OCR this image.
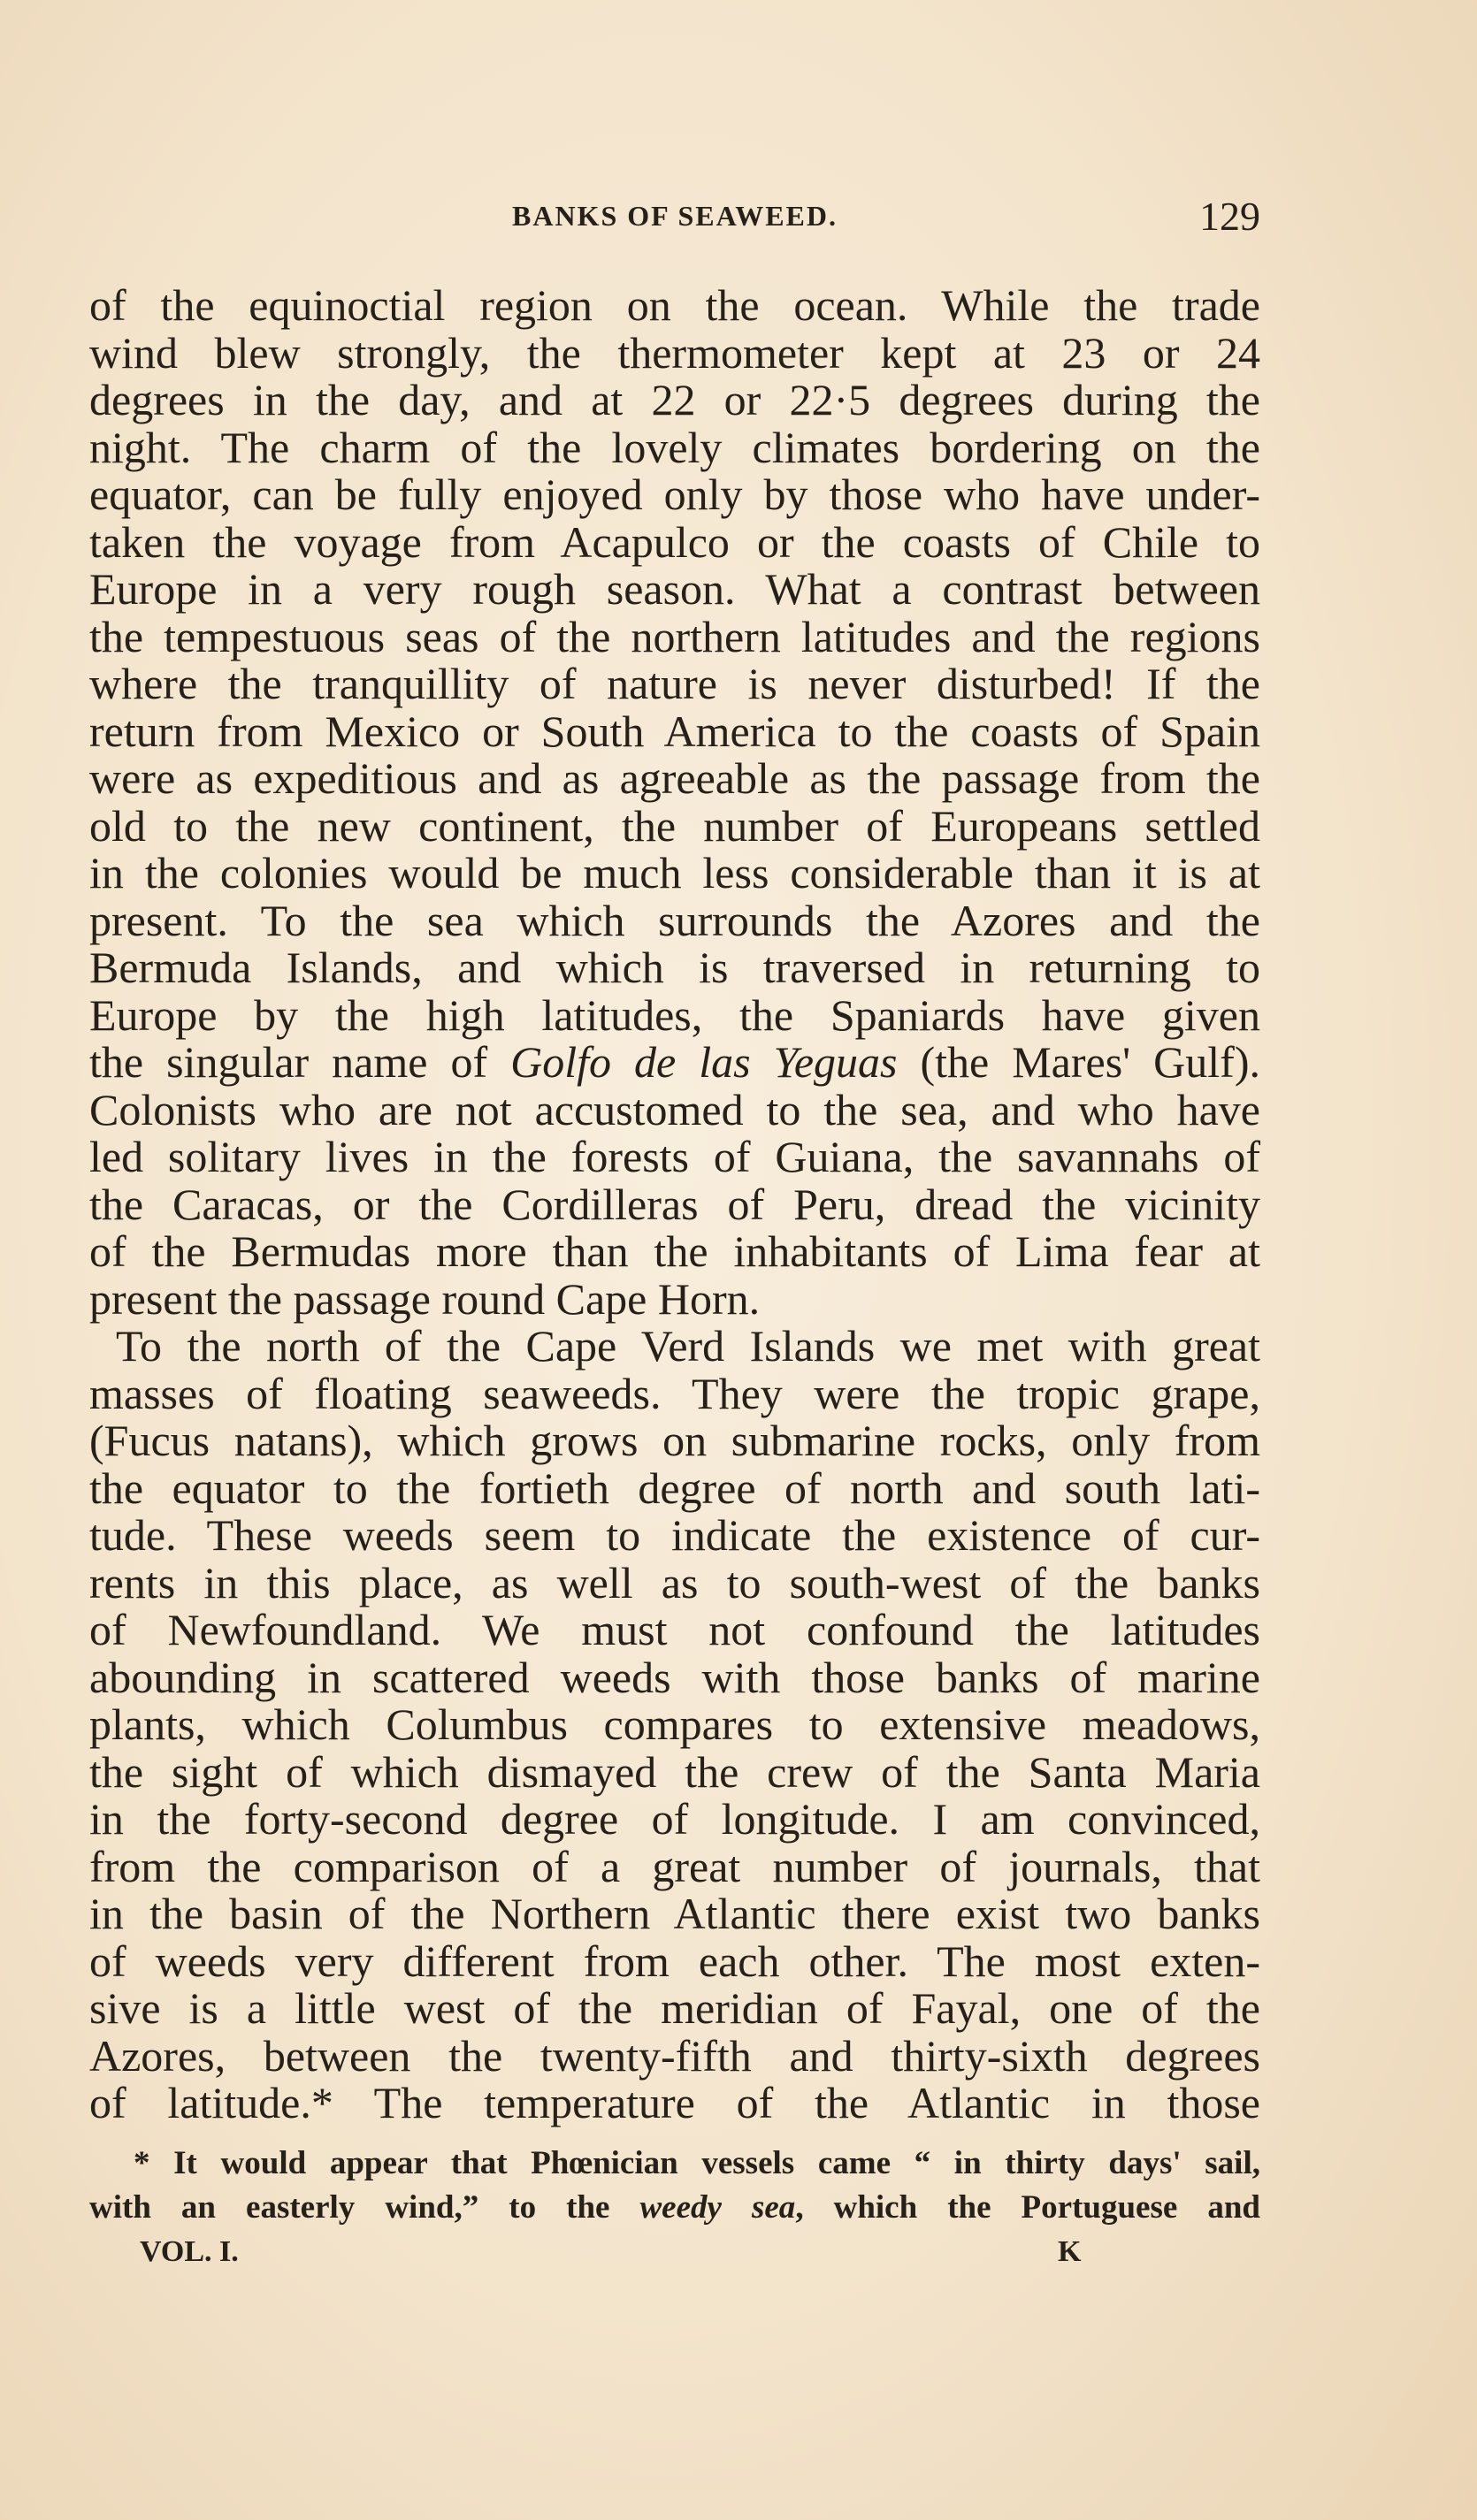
BANKS OF SEAWEED.	129
of the equinoctial region on the ocean. While the trade
wind blew strongly, the thermometer kept at 23 or 24
degrees in the day, and at 22 or 22·5 degrees during the
night. The charm of the lovely climates bordering on the
equator, can be fully enjoyed only by those who have under-
taken the voyage from Acapulco or the coasts of Chile to
Europe in a very rough season. What a contrast between
the tempestuous seas of the northern latitudes and the regions
where the tranquillity of nature is never disturbed! If the
return from Mexico or South America to the coasts of Spain
were as expeditious and as agreeable as the passage from the
old to the new continent, the number of Europeans settled
in the colonies would be much less considerable than it is at
present. To the sea which surrounds the Azores and the
Bermuda Islands, and which is traversed in returning to
Europe by the high latitudes, the Spaniards have given
the singular name of Golfo de las Yeguas (the Mares' Gulf).
Colonists who are not accustomed to the sea, and who have
led solitary lives in the forests of Guiana, the savannahs of
the Caracas, or the Cordilleras of Peru, dread the vicinity
of the Bermudas more than the inhabitants of Lima fear at
present the passage round Cape Horn.
To the north of the Cape Verd Islands we met with great
masses of floating seaweeds. They were the tropic grape,
(Fucus natans), which grows on submarine rocks, only from
the equator to the fortieth degree of north and south lati-
tude. These weeds seem to indicate the existence of cur-
rents in this place, as well as to south-west of the banks
of Newfoundland. We must not confound the latitudes
abounding in scattered weeds with those banks of marine
plants, which Columbus compares to extensive meadows,
the sight of which dismayed the crew of the Santa Maria
in the forty-second degree of longitude. I am convinced,
from the comparison of a great number of journals, that
in the basin of the Northern Atlantic there exist two banks
of weeds very different from each other. The most exten-
sive is a little west of the meridian of Fayal, one of the
Azores, between the twenty-fifth and thirty-sixth degrees
of latitude.* The temperature of the Atlantic in those
* It would appear that Phœnician vessels came “ in thirty days' sail,
with an easterly wind,” to the weedy sea, which the Portuguese and
VOL. I.	K
